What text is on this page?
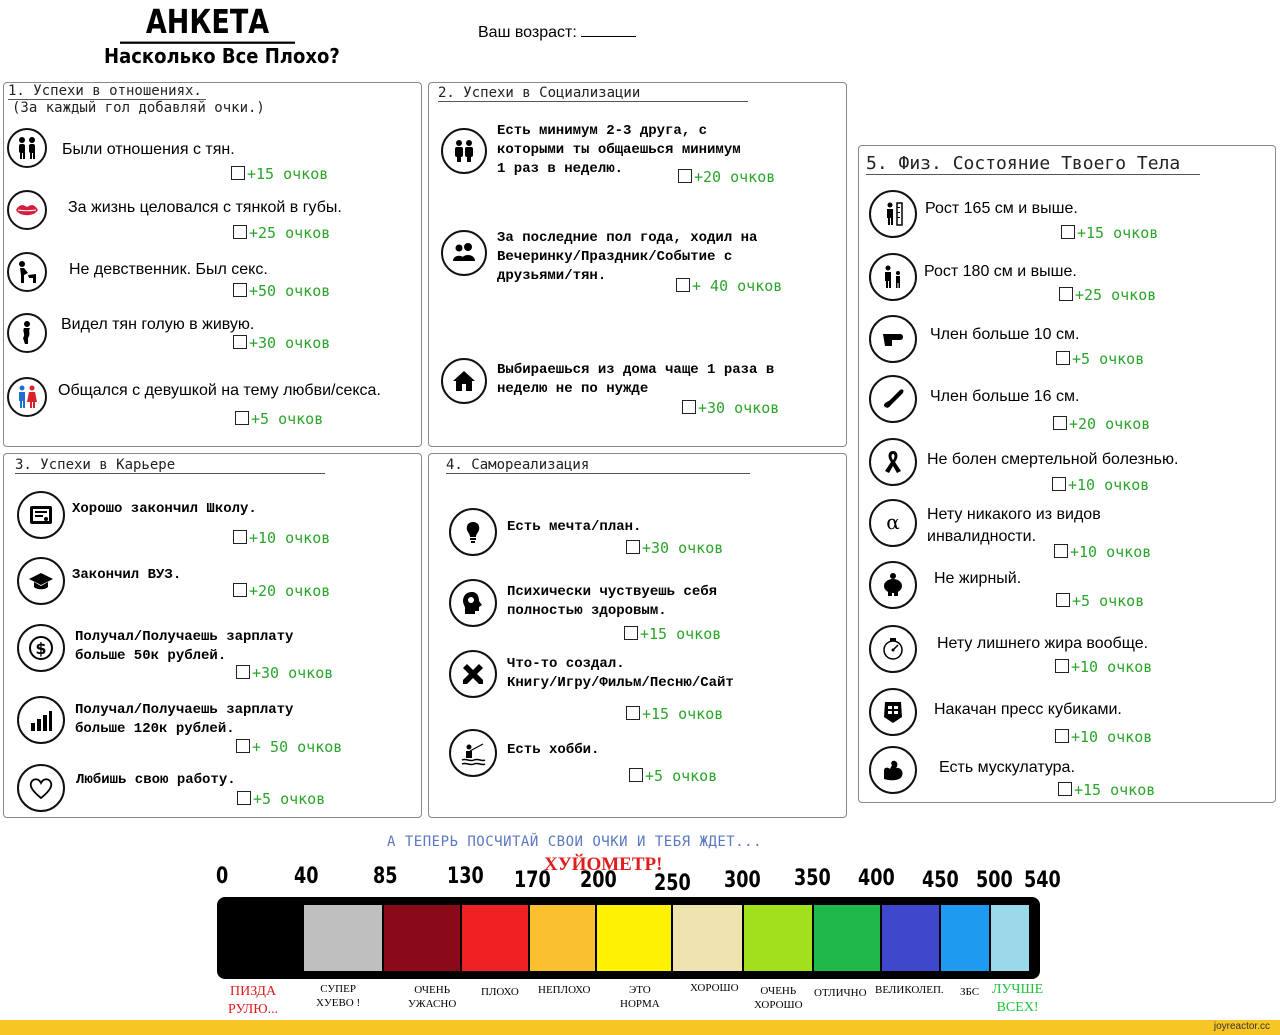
АНКЕТА
Насколько Все Плохо?
Ваш возраст:
1. Успехи в отношениях.
(За каждый гол добавляй очки.)
2. Успехи в Социализации
3. Успехи в Карьере	4. Самореализация
5. Физ. Состояние Твоего Тела
Были отношения с тян.
+15 очков
За жизнь целовался с тянкой в губы.
+25 очков
Не девственник. Был секс.
+50 очков
Видел тян голую в живую.
+30 очков
Общался с девушкой на тему любви/секса.
+5 очков
Есть минимум 2-3 друга, с
которыми ты общаешься минимум
1 раз в неделю.	+20 очков
За последние пол года, ходил на
Вечеринку/Праздник/Событие с
друзьями/тян.
+ 40 очков
Выбираешься из дома чаще 1 раза в
неделю не по нужде
+30 очков
Хорошо закончил Школу.
+10 очков
Закончил ВУЗ.
+20 очков
$
Получал/Получаешь зарплату
больше 50к рублей.
+30 очков
Получал/Получаешь зарплату
больше 120к рублей.
+ 50 очков
Любишь свою работу.
+5 очков
Есть мечта/план.
+30 очков
Психически чуствуешь себя
полностью здоровым.
+15 очков
Что-то создал.
Книгу/Игру/Фильм/Песню/Сайт
+15 очков
Есть хобби.
+5 очков
Рост 165 см и выше.
+15 очков
Рост 180 см и выше.
+25 очков
Член больше 10 см.
+5 очков
Член больше 16 см.
+20 очков
Не болен смертельной болезнью.
+10 очков
α Нету никакого из видов
инвалидности.
+10 очков
Не жирный.
+5 очков
Нету лишнего жира вообще.
+10 очков
Накачан пресс кубиками.
+10 очков
Есть мускулатура.
+15 очков
А ТЕПЕРЬ ПОСЧИТАЙ СВОИ ОЧКИ И ТЕБЯ ЖДЕТ...
ХУЙОМЕТР!
0	40 85 130 170 200 250 300 350 400 450 500 540
ПИЗДА
РУЛЮ...
СУПЕР
ХУЕВО !
ОЧЕНЬ
УЖАСНО
ПЛОХО НЕПЛОХО	ЭТО
НОРМА
ХОРОШО	ОЧЕНЬ
ХОРОШО
ОТЛИЧНО ВЕЛИКОЛЕП. ЗБС ЛУЧШЕ
ВСЕХ!
joyreactor.cc
